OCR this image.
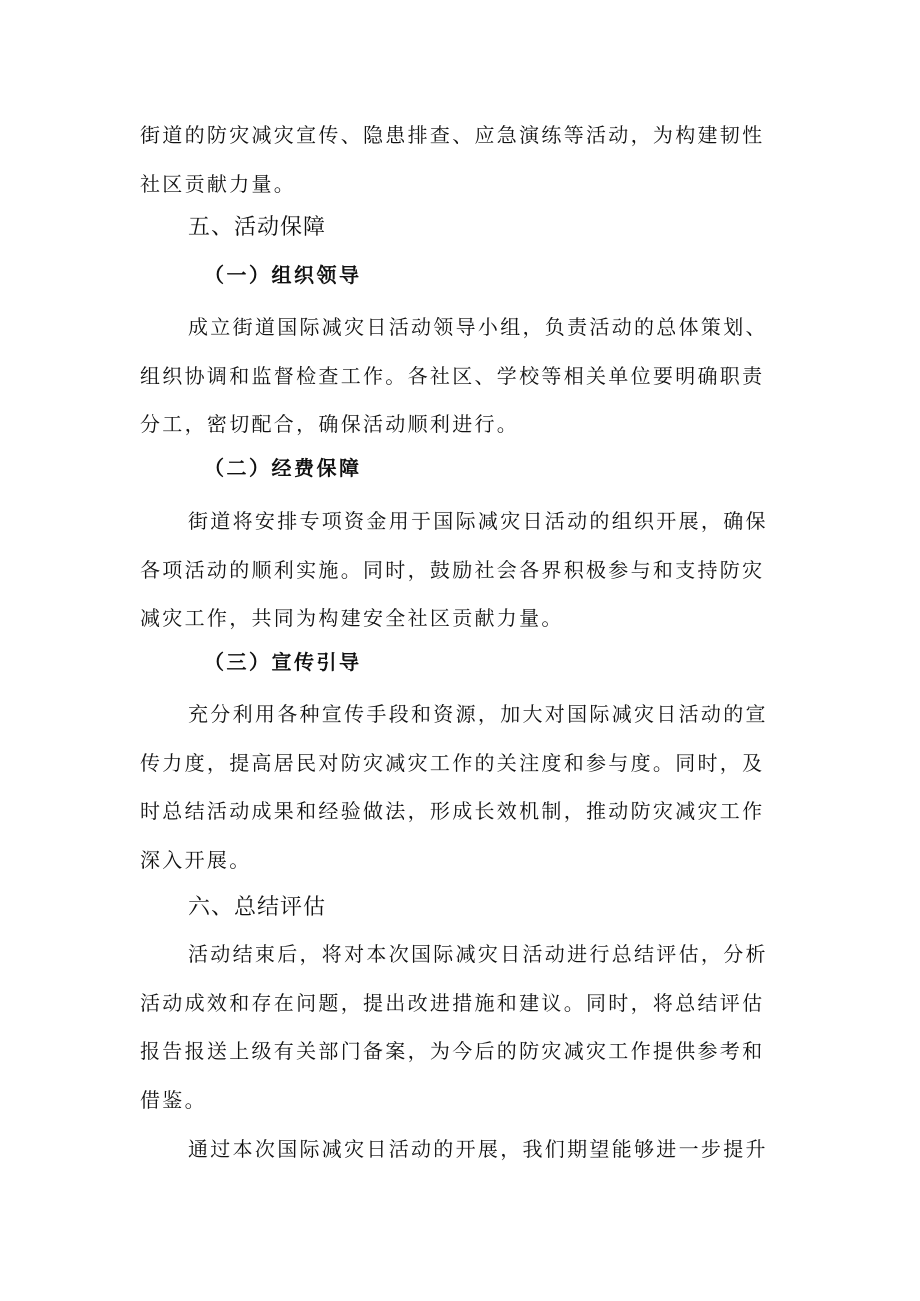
街道的防灾减灾宣传、隐患排查、应急演练等活动，为构建韧性社区贡献力量。

五、活动保障
（一）组织领导

成立街道国际减灾日活动领导小组，负责活动的总体策划、组织协调和监督检查工作。各社区、学校等相关单位要明确职责分工，密切配合，确保活动顺利进行。

（二）经费保障

街道将安排专项资金用于国际减灾日活动的组织开展，确保各项活动的顺利实施。同时，鼓励社会各界积极参与和支持防灾减灾工作，共同为构建安全社区贡献力量。

（三）宣传引导

充分利用各种宣传手段和资源，加大对国际减灾日活动的宣传力度，提高居民对防灾减灾工作的关注度和参与度。同时，及时总结活动成果和经验做法，形成长效机制，推动防灾减灾工作深入开展。

六、总结评估

活动结束后，将对本次国际减灾日活动进行总结评估，分析活动成效和存在问题，提出改进措施和建议。同时，将总结评估报告报送上级有关部门备案，为今后的防灾减灾工作提供参考和借鉴。

通过本次国际减灾日活动的开展，我们期望能够进一步提升
